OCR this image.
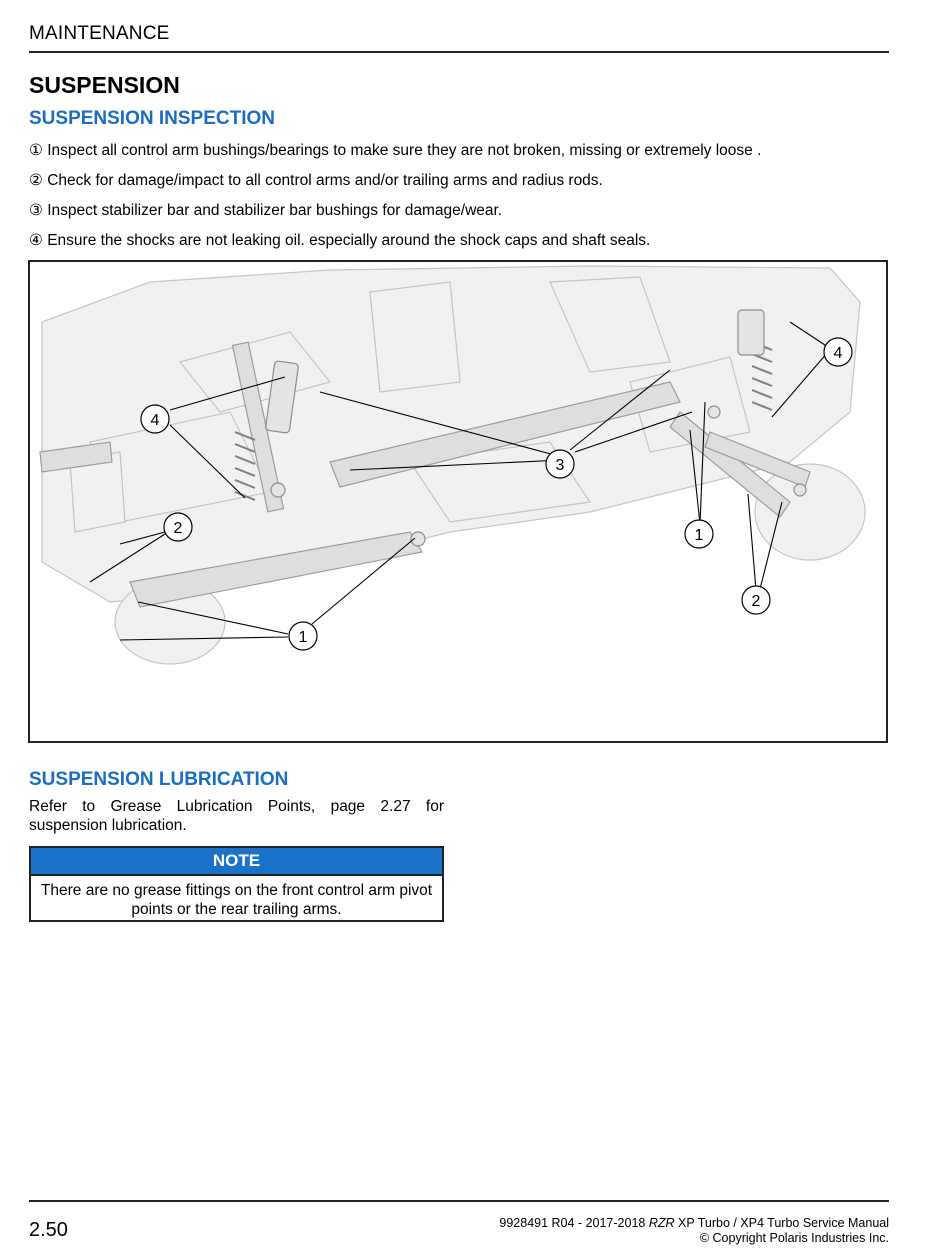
MAINTENANCE
SUSPENSION
SUSPENSION INSPECTION
① Inspect all control arm bushings/bearings to make sure they are not broken, missing or extremely loose .
② Check for damage/impact to all control arms and/or trailing arms and radius rods.
③ Inspect stabilizer bar and stabilizer bar bushings for damage/wear.
④ Ensure the shocks are not leaking oil. especially around the shock caps and shaft seals.
4
3
4
2
1
2
1
SUSPENSION LUBRICATION
Refer to Grease Lubrication Points, page 2.27 for suspension lubrication.
NOTE
There are no grease fittings on the front control arm pivot points or the rear trailing arms.
2.50	9928491 R04 - 2017-2018 RZR XP Turbo / XP4 Turbo Service Manual
© Copyright Polaris Industries Inc.
